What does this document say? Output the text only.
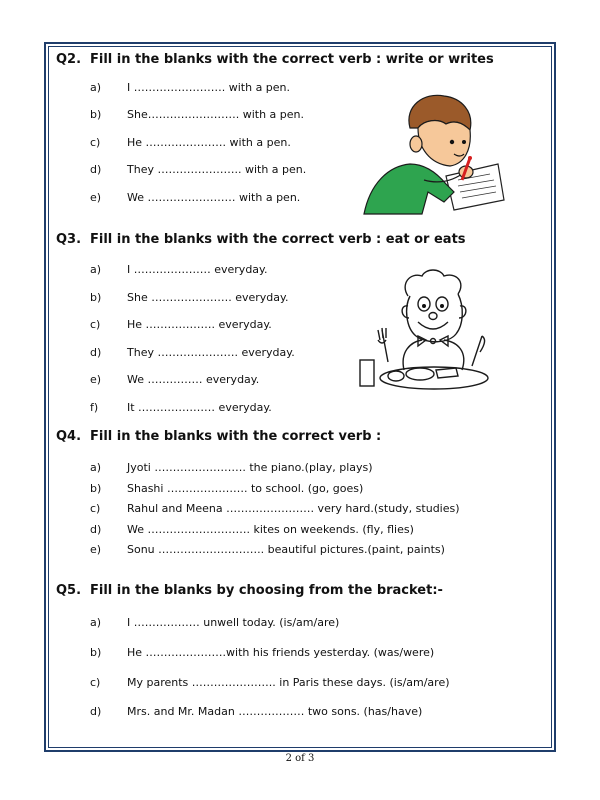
Q2. Fill in the blanks with the correct verb : write or writes
a) I ……………………. with a pen.
b) She……………………. with a pen.
c) He …………………. with a pen.
d) They ………………….. with a pen.
e) We …………………… with a pen.
Q3. Fill in the blanks with the correct verb : eat or eats
a) I ………………… everyday.
b) She …………………. everyday.
c) He ………………. everyday.
d) They …………………. everyday.
e) We …………… everyday.
f)	It ………………… everyday.
Q4. Fill in the blanks with the correct verb :
a) Jyoti ……………………. the piano.(play, plays)
b) Shashi …………………. to school. (go, goes)
c) Rahul and Meena …………………… very hard.(study, studies)
d) We ………………………. kites on weekends. (fly, flies)
e) Sonu ……………………….. beautiful pictures.(paint, paints)
Q5. Fill in the blanks by choosing from the bracket:-
a) I ……………… unwell today. (is/am/are)
b) He ………………….with his friends yesterday. (was/were)
c) My parents ………………….. in Paris these days. (is/am/are)
d) Mrs. and Mr. Madan ……………… two sons. (has/have)
2 of 3
